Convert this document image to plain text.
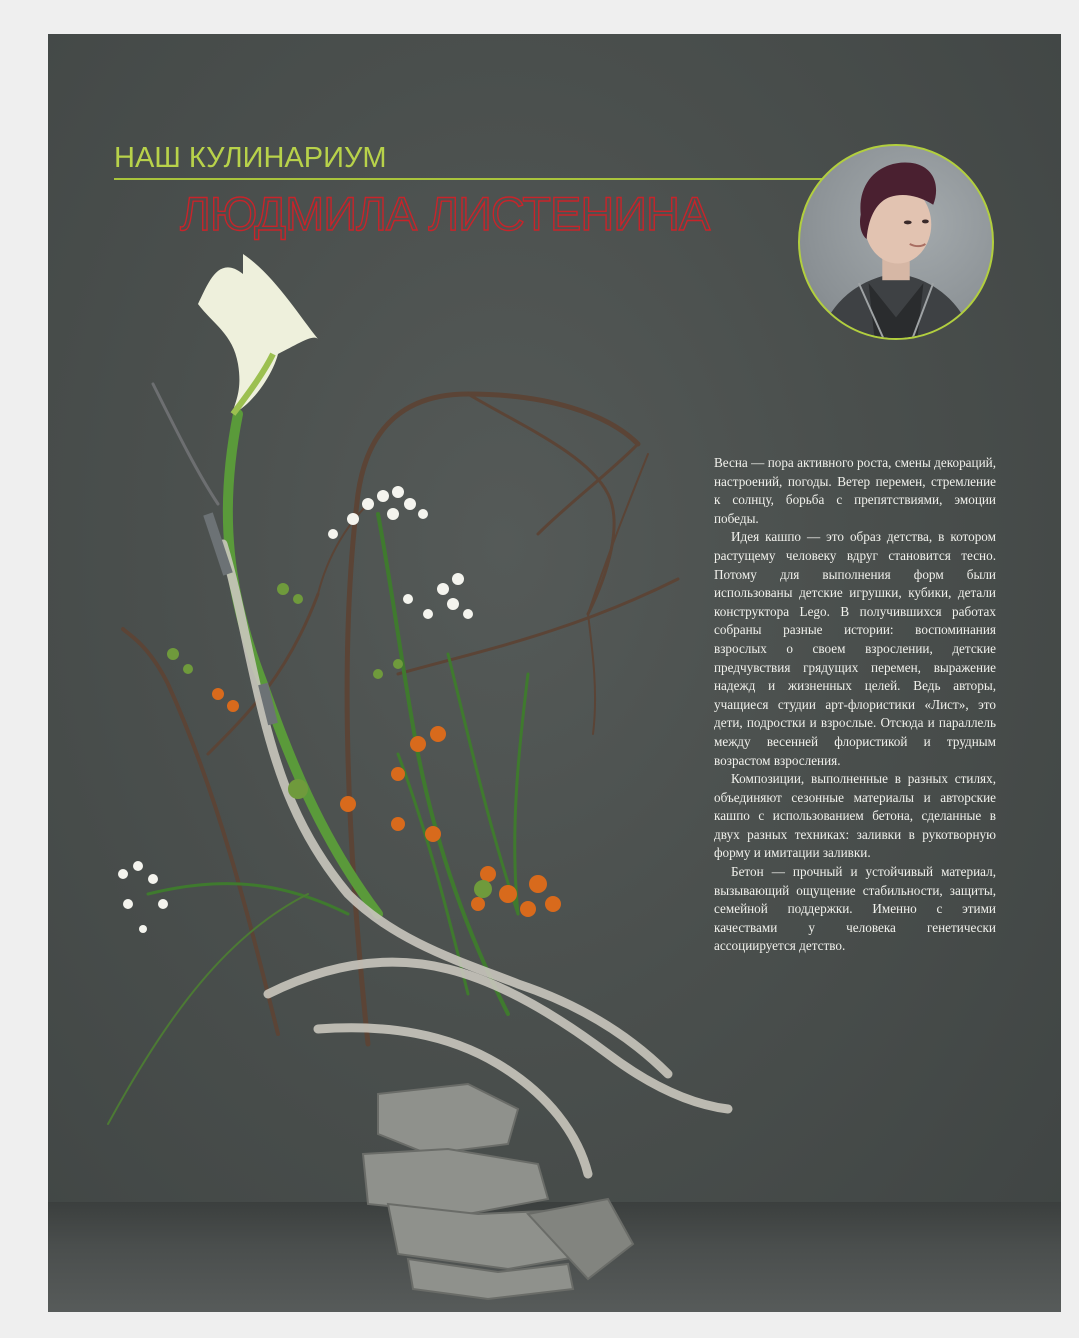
НАШ КУЛИНАРИУМ
ЛЮДМИЛА ЛИСТЕНИНА

Весна — пора активного роста, смены декораций, настроений, погоды. Ветер перемен, стремление к солнцу, борьба с препятствиями, эмоции победы.

Идея кашпо — это образ детства, в котором растущему человеку вдруг становится тесно. Потому для выполнения форм были использованы детские игрушки, кубики, детали конструктора Lego. В получившихся работах собраны разные истории: воспоминания взрослых о своем взрослении, детские предчувствия грядущих перемен, выражение надежд и жизненных целей. Ведь авторы, учащиеся студии арт-флористики «Лист», это дети, подростки и взрослые. Отсюда и параллель между весенней флористикой и трудным возрастом взросления.

Композиции, выполненные в разных стилях, объединяют сезонные материалы и авторские кашпо с использованием бетона, сделанные в двух разных техниках: заливки в рукотворную форму и имитации заливки.

Бетон — прочный и устойчивый материал, вызывающий ощущение стабильности, защиты, семейной поддержки. Именно с этими качествами у человека генетически ассоциируется детство.
